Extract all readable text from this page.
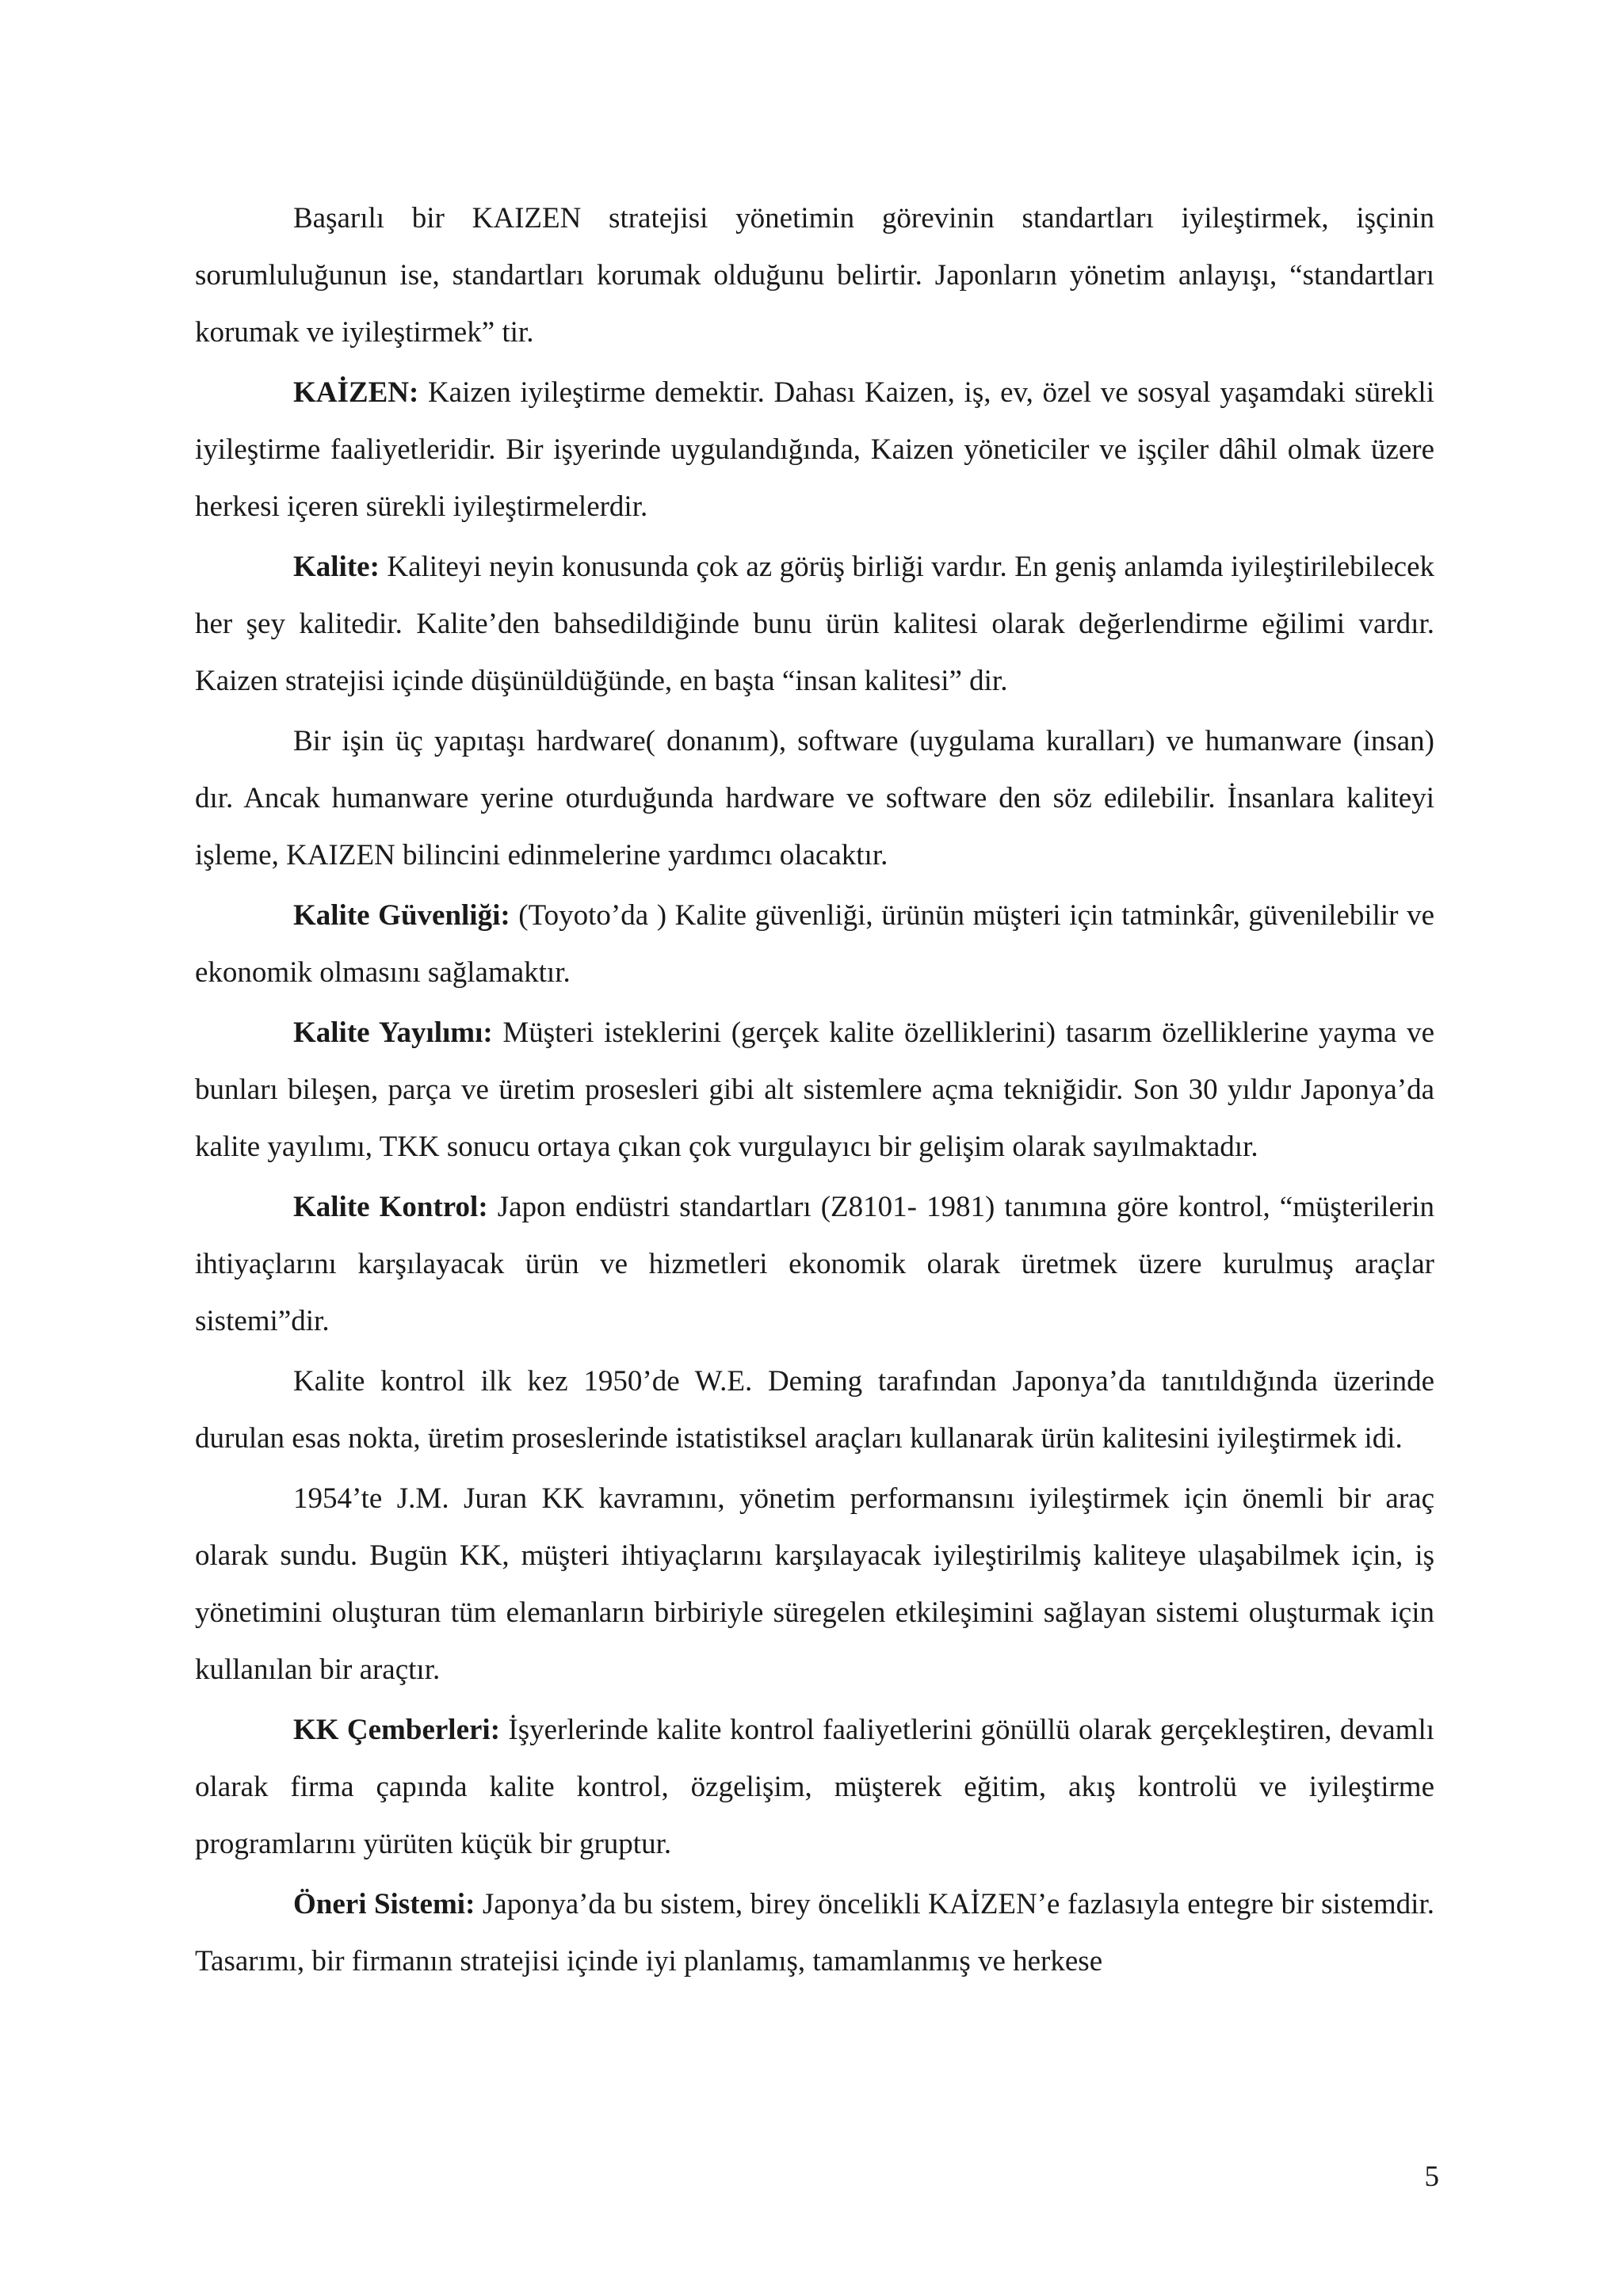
Başarılı bir KAIZEN stratejisi yönetimin görevinin standartları iyileştirmek, işçinin sorumluluğunun ise, standartları korumak olduğunu belirtir. Japonların yönetim anlayışı, “standartları korumak ve iyileştirmek” tir.

KAİZEN: Kaizen iyileştirme demektir. Dahası Kaizen, iş, ev, özel ve sosyal yaşamdaki sürekli iyileştirme faaliyetleridir. Bir işyerinde uygulandığında, Kaizen yöneticiler ve işçiler dâhil olmak üzere herkesi içeren sürekli iyileştirmelerdir.

Kalite: Kaliteyi neyin konusunda çok az görüş birliği vardır. En geniş anlamda iyileştirilebilecek her şey kalitedir. Kalite’den bahsedildiğinde bunu ürün kalitesi olarak değerlendirme eğilimi vardır. Kaizen stratejisi içinde düşünüldüğünde, en başta “insan kalitesi” dir.

Bir işin üç yapıtaşı hardware( donanım), software (uygulama kuralları) ve humanware (insan) dır. Ancak humanware yerine oturduğunda hardware ve software den söz edilebilir. İnsanlara kaliteyi işleme, KAIZEN bilincini edinmelerine yardımcı olacaktır.

Kalite Güvenliği: (Toyoto’da ) Kalite güvenliği, ürünün müşteri için tatminkâr, güvenilebilir ve ekonomik olmasını sağlamaktır.

Kalite Yayılımı: Müşteri isteklerini (gerçek kalite özelliklerini) tasarım özelliklerine yayma ve bunları bileşen, parça ve üretim prosesleri gibi alt sistemlere açma tekniğidir. Son 30 yıldır Japonya’da kalite yayılımı, TKK sonucu ortaya çıkan çok vurgulayıcı bir gelişim olarak sayılmaktadır.

Kalite Kontrol: Japon endüstri standartları (Z8101- 1981) tanımına göre kontrol, “müşterilerin ihtiyaçlarını karşılayacak ürün ve hizmetleri ekonomik olarak üretmek üzere kurulmuş araçlar sistemi”dir.

Kalite kontrol ilk kez 1950’de W.E. Deming tarafından Japonya’da tanıtıldığında üzerinde durulan esas nokta, üretim proseslerinde istatistiksel araçları kullanarak ürün kalitesini iyileştirmek idi.

1954’te J.M. Juran KK kavramını, yönetim performansını iyileştirmek için önemli bir araç olarak sundu. Bugün KK, müşteri ihtiyaçlarını karşılayacak iyileştirilmiş kaliteye ulaşabilmek için, iş yönetimini oluşturan tüm elemanların birbiriyle süregelen etkileşimini sağlayan sistemi oluşturmak için kullanılan bir araçtır.

KK Çemberleri: İşyerlerinde kalite kontrol faaliyetlerini gönüllü olarak gerçekleştiren, devamlı olarak firma çapında kalite kontrol, özgelişim, müşterek eğitim, akış kontrolü ve iyileştirme programlarını yürüten küçük bir gruptur.

Öneri Sistemi: Japonya’da bu sistem, birey öncelikli KAİZEN’e fazlasıyla entegre bir sistemdir. Tasarımı, bir firmanın stratejisi içinde iyi planlamış, tamamlanmış ve herkese

5
